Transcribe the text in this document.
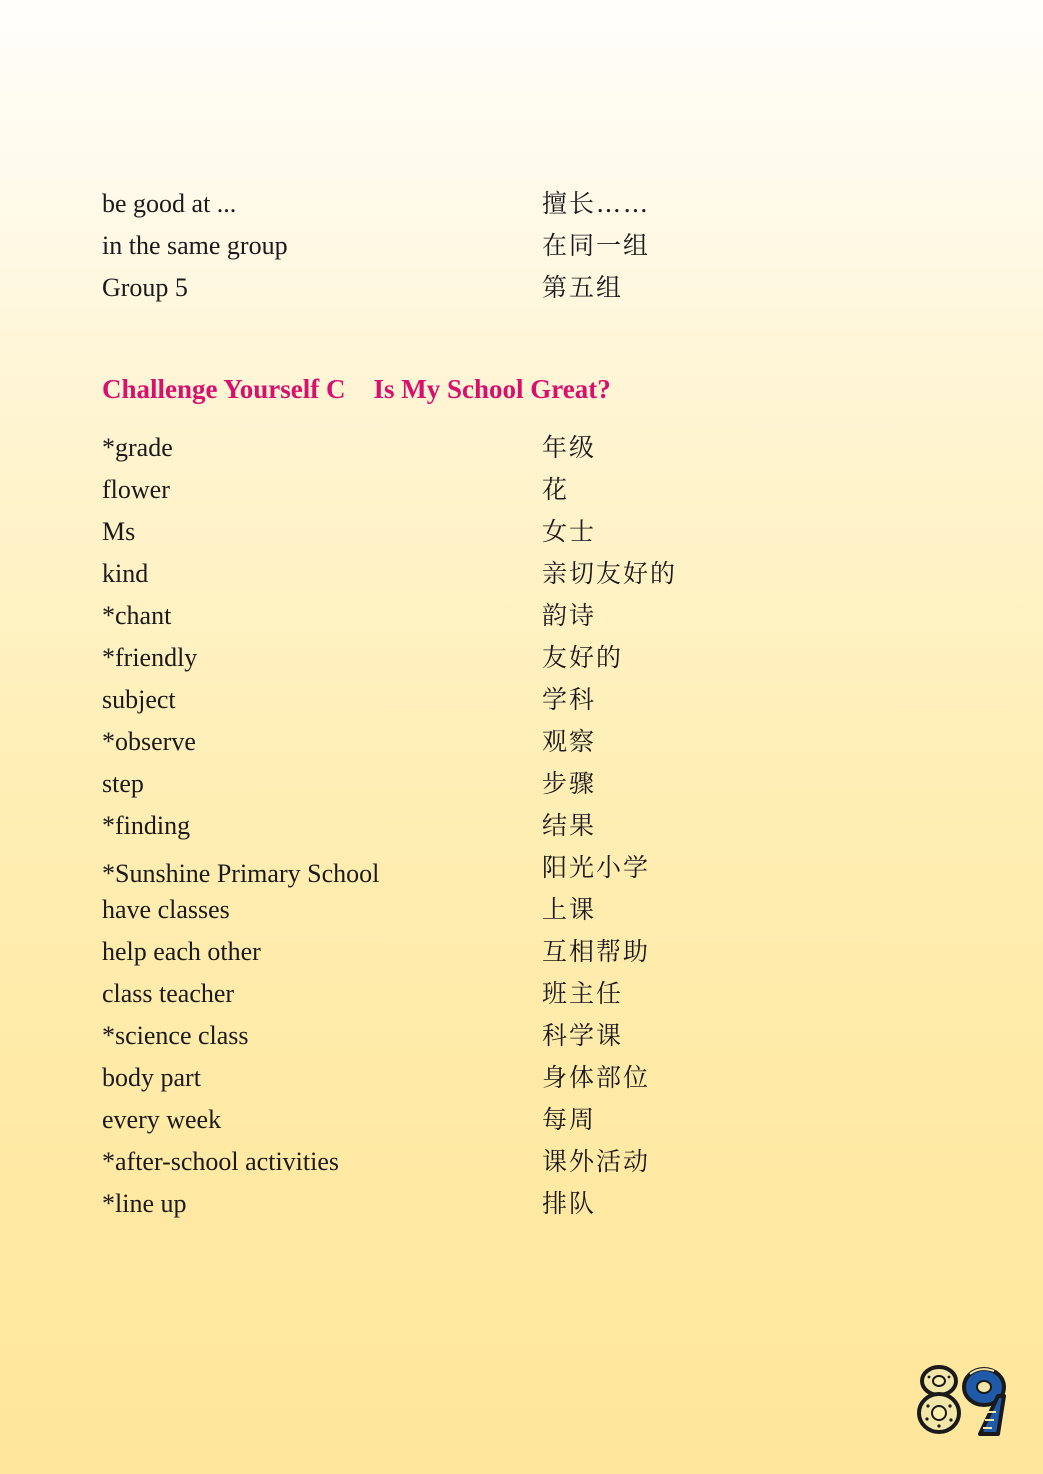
be good at ...	擅长……
in the same group	在同一组
Group 5	第五组
Challenge Yourself C Is My School Great?
*grade	年级
flower	花
Ms	女士
kind	亲切友好的
*chant	韵诗
*friendly	友好的
subject	学科
*observe	观察
step	步骤
*finding	结果
*Sunshine Primary School	阳光小学
have classes	上课
help each other	互相帮助
class teacher	班主任
*science class	科学课
body part	身体部位
every week	每周
*after-school activities	课外活动
*line up	排队
